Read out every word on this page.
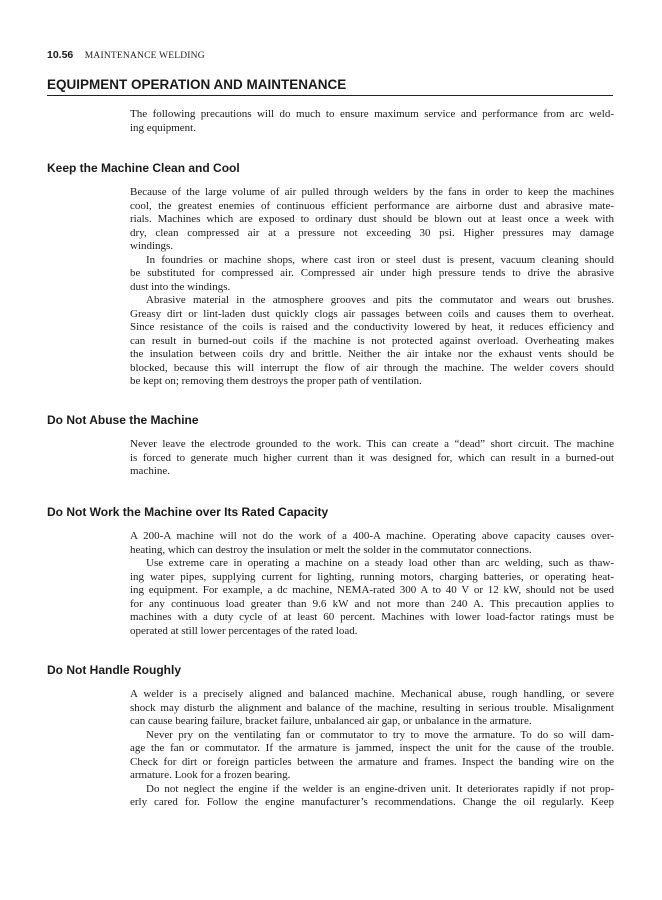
10.56 MAINTENANCE WELDING
EQUIPMENT OPERATION AND MAINTENANCE
The following precautions will do much to ensure maximum service and performance from arc weld-
ing equipment.
Keep the Machine Clean and Cool
Because of the large volume of air pulled through welders by the fans in order to keep the machines
cool, the greatest enemies of continuous efficient performance are airborne dust and abrasive mate-
rials. Machines which are exposed to ordinary dust should be blown out at least once a week with
dry, clean compressed air at a pressure not exceeding 30 psi. Higher pressures may damage
windings.
In foundries or machine shops, where cast iron or steel dust is present, vacuum cleaning should
be substituted for compressed air. Compressed air under high pressure tends to drive the abrasive
dust into the windings.
Abrasive material in the atmosphere grooves and pits the commutator and wears out brushes.
Greasy dirt or lint-laden dust quickly clogs air passages between coils and causes them to overheat.
Since resistance of the coils is raised and the conductivity lowered by heat, it reduces efficiency and
can result in burned-out coils if the machine is not protected against overload. Overheating makes
the insulation between coils dry and brittle. Neither the air intake nor the exhaust vents should be
blocked, because this will interrupt the flow of air through the machine. The welder covers should
be kept on; removing them destroys the proper path of ventilation.
Do Not Abuse the Machine
Never leave the electrode grounded to the work. This can create a “dead” short circuit. The machine
is forced to generate much higher current than it was designed for, which can result in a burned-out
machine.
Do Not Work the Machine over Its Rated Capacity
A 200-A machine will not do the work of a 400-A machine. Operating above capacity causes over-
heating, which can destroy the insulation or melt the solder in the commutator connections.
Use extreme care in operating a machine on a steady load other than arc welding, such as thaw-
ing water pipes, supplying current for lighting, running motors, charging batteries, or operating heat-
ing equipment. For example, a dc machine, NEMA-rated 300 A to 40 V or 12 kW, should not be used
for any continuous load greater than 9.6 kW and not more than 240 A. This precaution applies to
machines with a duty cycle of at least 60 percent. Machines with lower load-factor ratings must be
operated at still lower percentages of the rated load.
Do Not Handle Roughly
A welder is a precisely aligned and balanced machine. Mechanical abuse, rough handling, or severe
shock may disturb the alignment and balance of the machine, resulting in serious trouble. Misalignment
can cause bearing failure, bracket failure, unbalanced air gap, or unbalance in the armature.
Never pry on the ventilating fan or commutator to try to move the armature. To do so will dam-
age the fan or commutator. If the armature is jammed, inspect the unit for the cause of the trouble.
Check for dirt or foreign particles between the armature and frames. Inspect the banding wire on the
armature. Look for a frozen bearing.
Do not neglect the engine if the welder is an engine-driven unit. It deteriorates rapidly if not prop-
erly cared for. Follow the engine manufacturer’s recommendations. Change the oil regularly. Keep
